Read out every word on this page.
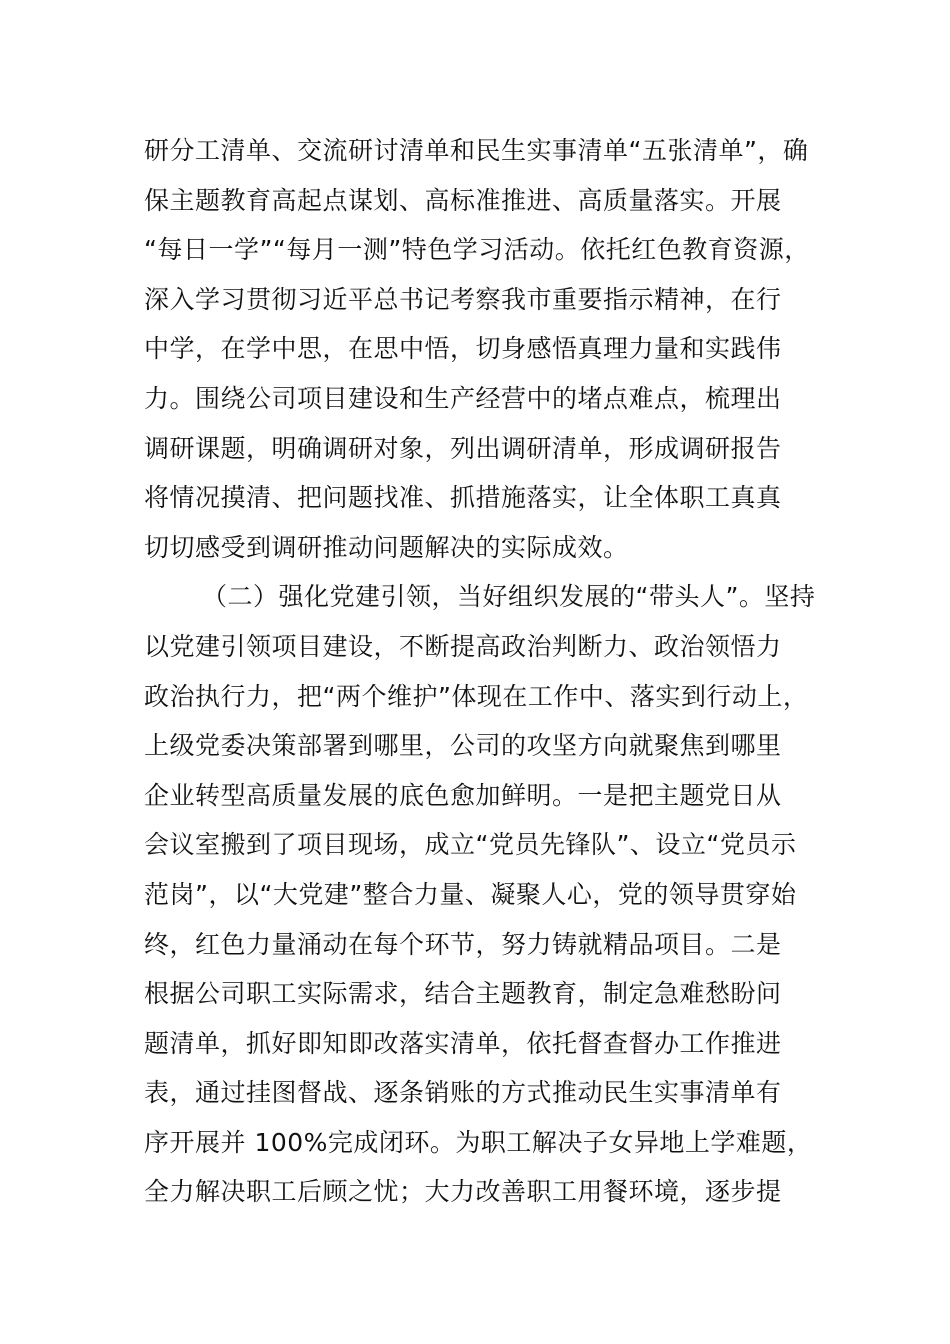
研分工清单、交流研讨清单和民生实事清单“五张清单”，确
保主题教育高起点谋划、高标准推进、高质量落实。开展
“每日一学”“每月一测”特色学习活动。依托红色教育资源，
深入学习贯彻习近平总书记考察我市重要指示精神，在行
中学，在学中思，在思中悟，切身感悟真理力量和实践伟
力。围绕公司项目建设和生产经营中的堵点难点，梳理出
调研课题，明确调研对象，列出调研清单，形成调研报告
将情况摸清、把问题找准、抓措施落实，让全体职工真真
切切感受到调研推动问题解决的实际成效。
（二）强化党建引领，当好组织发展的“带头人”。坚持
以党建引领项目建设，不断提高政治判断力、政治领悟力
政治执行力，把“两个维护”体现在工作中、落实到行动上，
上级党委决策部署到哪里，公司的攻坚方向就聚焦到哪里
企业转型高质量发展的底色愈加鲜明。一是把主题党日从
会议室搬到了项目现场，成立“党员先锋队”、设立“党员示
范岗”，以“大党建”整合力量、凝聚人心，党的领导贯穿始
终，红色力量涌动在每个环节，努力铸就精品项目。二是
根据公司职工实际需求，结合主题教育，制定急难愁盼问
题清单，抓好即知即改落实清单，依托督查督办工作推进
表，通过挂图督战、逐条销账的方式推动民生实事清单有
序开展并 100%完成闭环。为职工解决子女异地上学难题，
全力解决职工后顾之忧；大力改善职工用餐环境，逐步提
